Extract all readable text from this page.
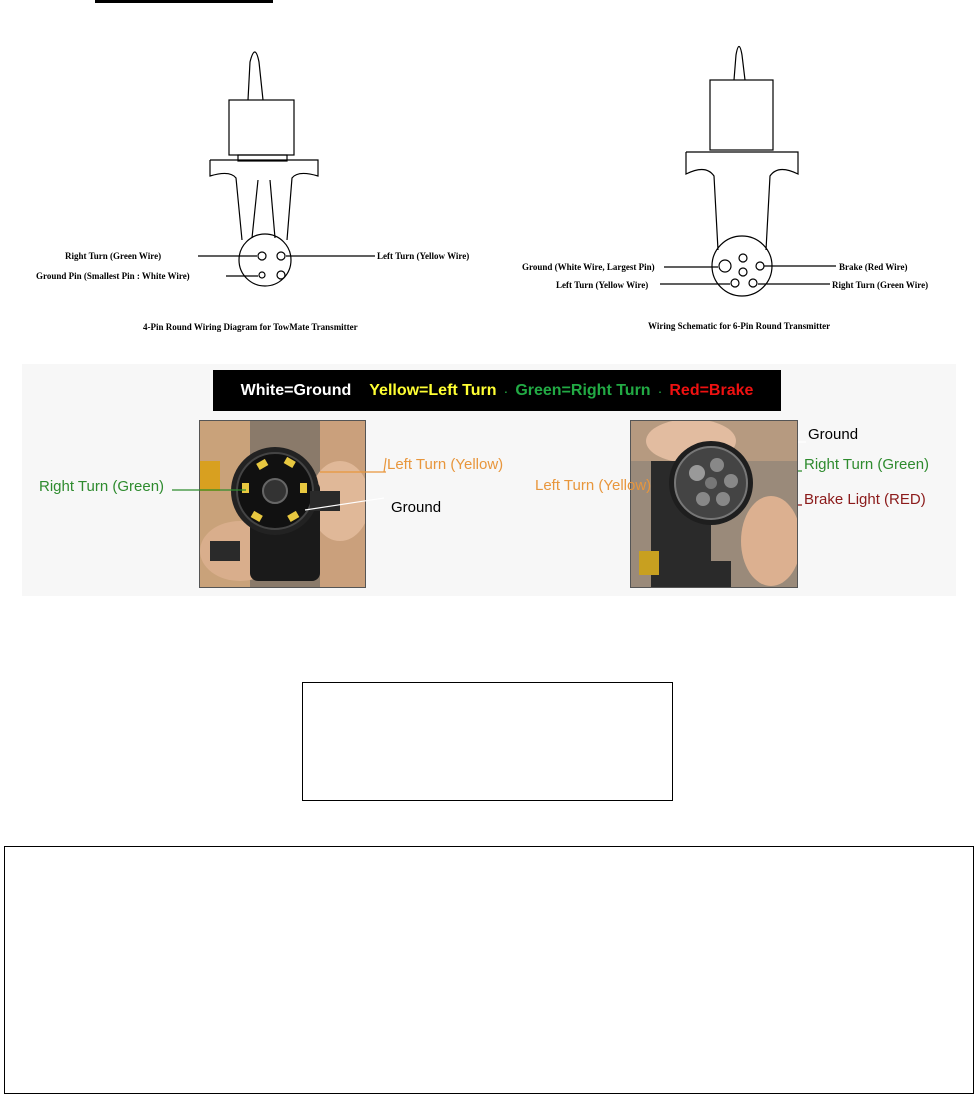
Right Turn (Green Wire)	Left Turn (Yellow Wire)
Ground Pin (Smallest Pin : White Wire)
4-Pin Round Wiring Diagram for TowMate Transmitter
Ground (White Wire, Largest Pin)	Brake (Red Wire)
Left Turn (Yellow Wire)	Right Turn (Green Wire)
Wiring Schematic for 6-Pin Round Transmitter
White=Ground Yellow=Left Turn . Green=Right Turn . Red=Brake
Right Turn (Green)
Left Turn (Yellow)
Ground
Ground
Right Turn (Green)
Left Turn (Yellow)
Brake Light (RED)
